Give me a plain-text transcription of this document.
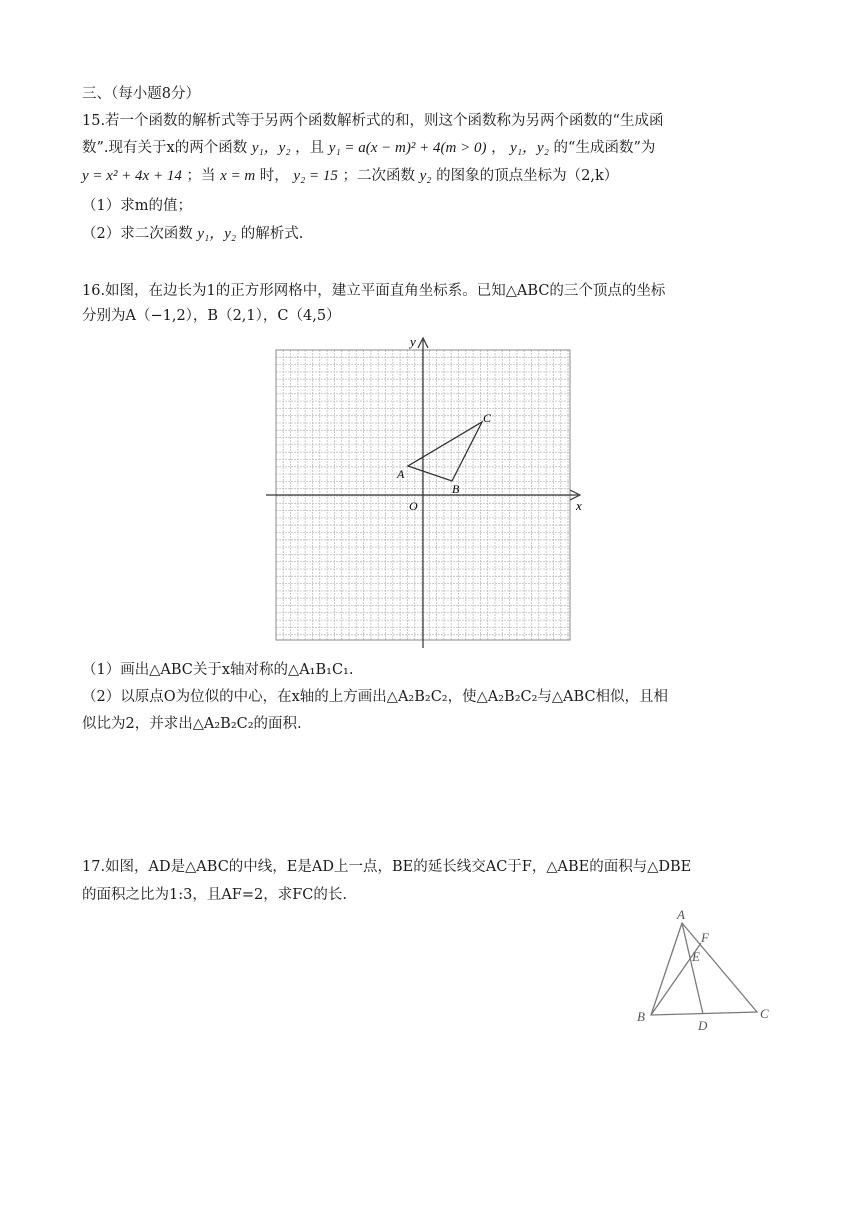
三、（每小题8分）
15.若一个函数的解析式等于另两个函数解析式的和，则这个函数称为另两个函数的“生成函
数”.现有关于x的两个函数 y₁，y₂ ，且 y₁ = a(x − m)² + 4(m > 0) ， y₁，y₂ 的“生成函数”为
y = x² + 4x + 14 ；当 x = m 时， y₂ = 15 ；二次函数 y₂ 的图象的顶点坐标为（2,k）
（1）求m的值；
（2）求二次函数 y₁，y₂ 的解析式.
16.如图，在边长为1的正方形网格中，建立平面直角坐标系。已知△ABC的三个顶点的坐标
分别为A（−1,2），B（2,1），C（4,5）
x
y
O
A
B
C
（1）画出△ABC关于x轴对称的△A₁B₁C₁.
（2）以原点O为位似的中心，在x轴的上方画出△A₂B₂C₂，使△A₂B₂C₂与△ABC相似，且相
似比为2，并求出△A₂B₂C₂的面积.
17.如图，AD是△ABC的中线，E是AD上一点，BE的延长线交AC于F，△ABE的面积与△DBE
的面积之比为1:3，且AF=2，求FC的长.
A
B	C
D
E
F
